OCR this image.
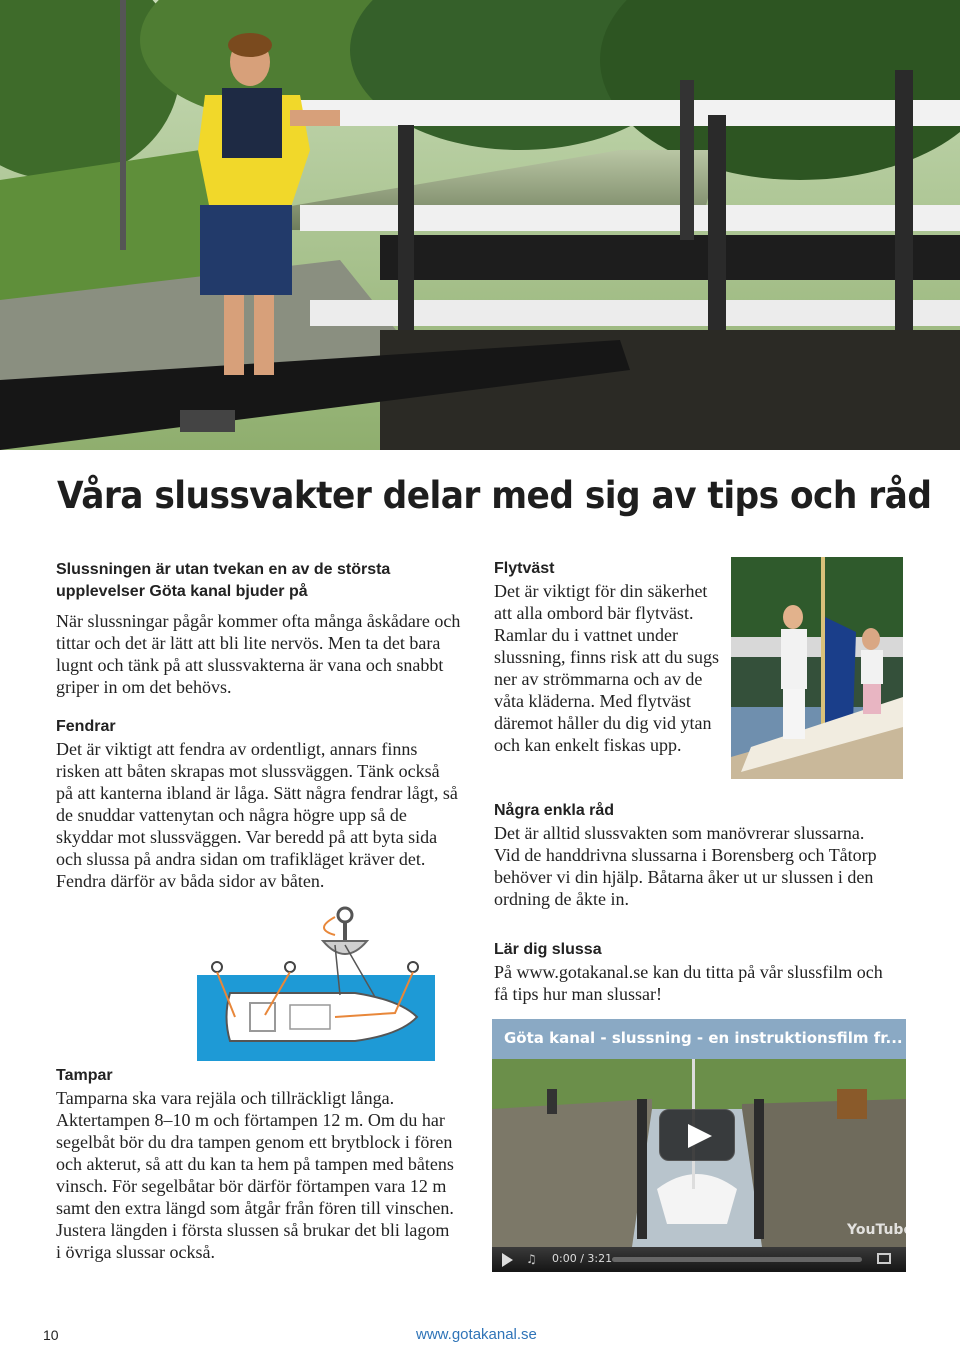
Våra slussvakter delar med sig av tips och råd
Slussningen är utan tvekan en av de största upplevelser Göta kanal bjuder på
När slussningar pågår kommer ofta många åskådare och tittar och det är lätt att bli lite nervös. Men ta det bara lugnt och tänk på att slussvakterna är vana och snabbt griper in om det behövs.
Fendrar
Det är viktigt att fendra av ordentligt, annars finns risken att båten skrapas mot slussväggen. Tänk också på att kanterna ibland är låga. Sätt några fendrar lågt, så de snuddar vattenytan och några högre upp så de skyddar mot slussväggen. Var beredd på att byta sida och slussa på andra sidan om trafikläget kräver det. Fendra därför av båda sidor av båten.
Tampar
Tamparna ska vara rejäla och tillräckligt långa. Aktertampen 8–10 m och förtampen 12 m. Om du har segelbåt bör du dra tampen genom ett brytblock i fören och akterut, så att du kan ta hem på tampen med båtens vinsch. För segelbåtar bör därför förtampen vara 12 m samt den extra längd som åtgår från fören till vinschen. Justera längden i första slussen så brukar det bli lagom i övriga slussar också.
Flytväst
Det är viktigt för din säkerhet att alla ombord bär flytväst. Ramlar du i vattnet under slussning, finns risk att du sugs ner av strömmarna och av de våta kläderna. Med flytväst däremot håller du dig vid ytan och kan enkelt fiskas upp.
Några enkla råd
Det är alltid slussvakten som manövrerar slussarna. Vid de handdrivna slussarna i Borensberg och Tåtorp behöver vi din hjälp. Båtarna åker ut ur slussen i den ordning de åkte in.
Lär dig slussa
På www.gotakanal.se kan du titta på vår slussfilm och få tips hur man slussar!
Göta kanal - slussning - en instruktionsfilm fr...
YouTube
♫	0:00 / 3:21
10	www.gotakanal.se
